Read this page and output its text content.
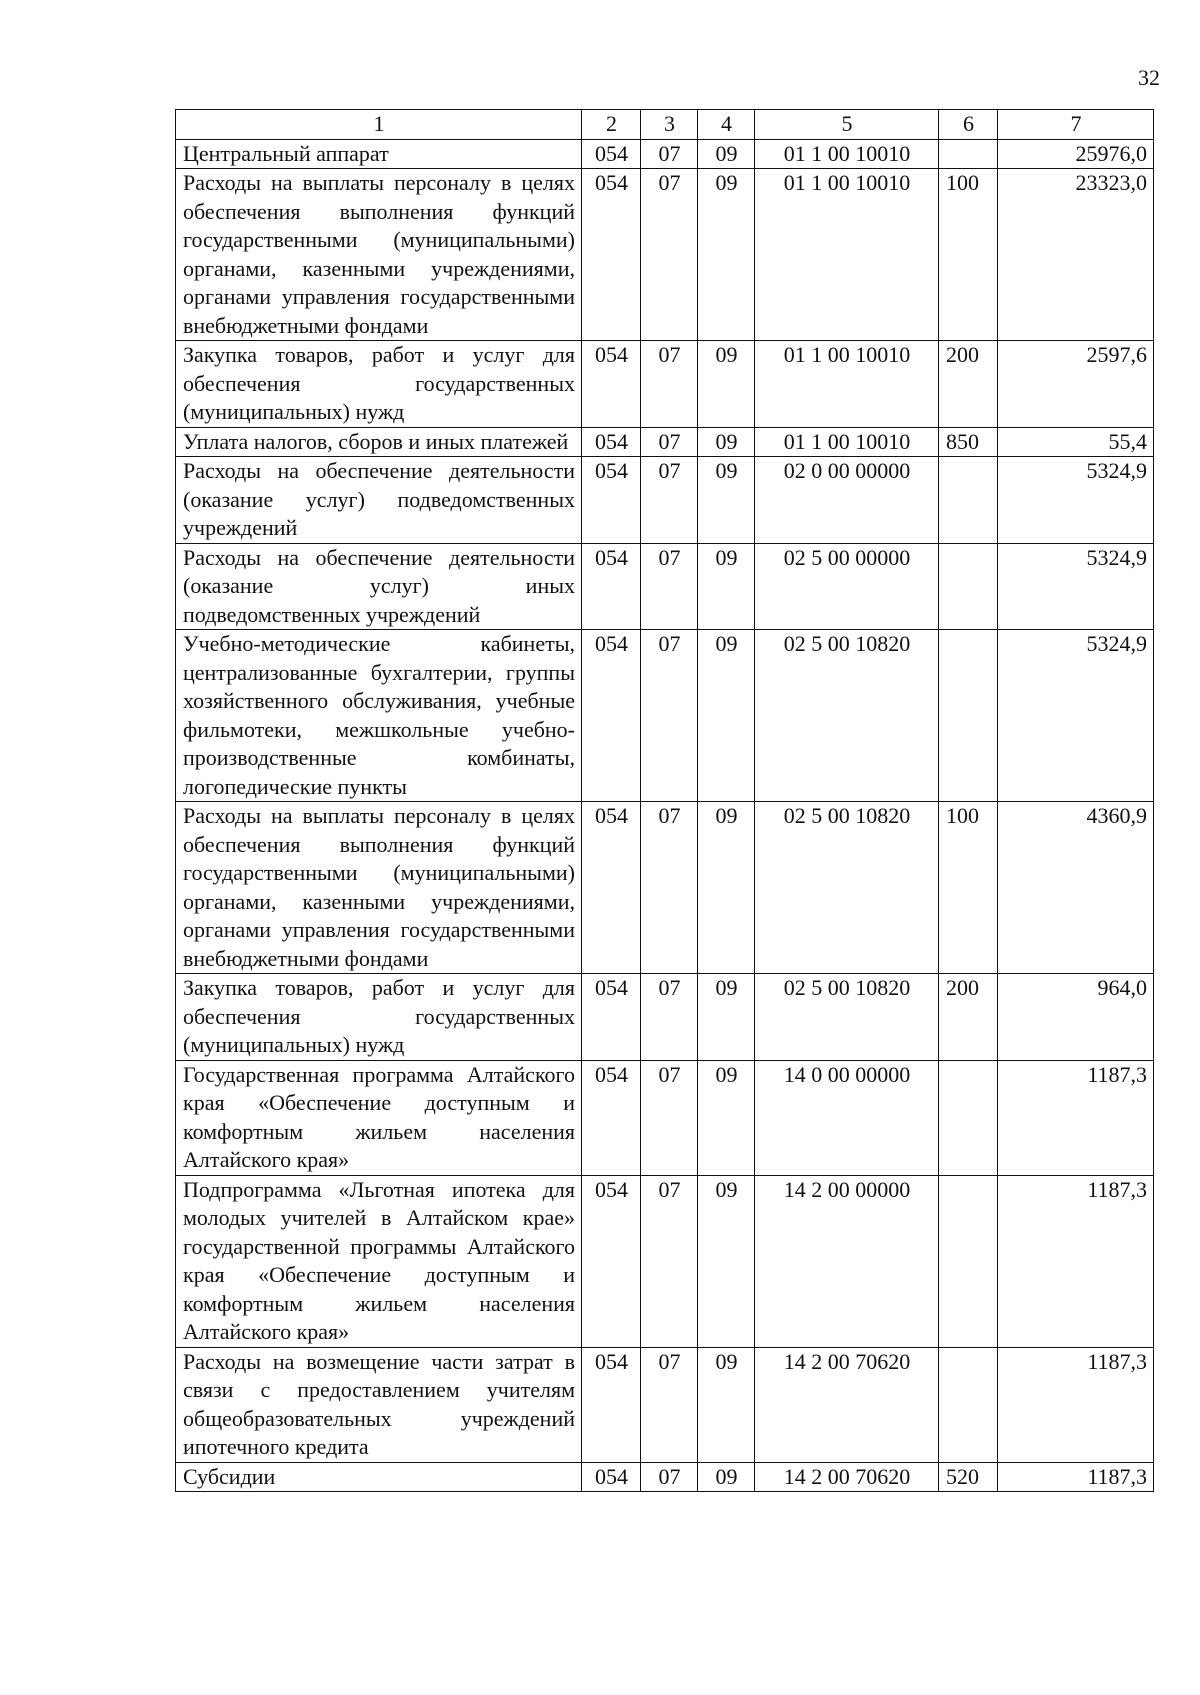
32
1	2	3	4	5	6	7
Центральный аппарат	054	07	09	01 1 00 10010		25976,0
Расходы на выплаты персоналу в целях обеспечения выполнения функций государственными (муниципальными) органами, казенными учреждениями, органами управления государственными внебюджетными фондами	054	07	09	01 1 00 10010	100	23323,0
Закупка товаров, работ и услуг для обеспечения государственных (муниципальных) нужд	054	07	09	01 1 00 10010	200	2597,6
Уплата налогов, сборов и иных платежей	054	07	09	01 1 00 10010	850	55,4
Расходы на обеспечение деятельности (оказание услуг) подведомственных учреждений	054	07	09	02 0 00 00000		5324,9
Расходы на обеспечение деятельности (оказание услуг) иных подведомственных учреждений	054	07	09	02 5 00 00000		5324,9
Учебно-методические кабинеты, централизованные бухгалтерии, группы хозяйственного обслуживания, учебные фильмотеки, межшкольные учебно-производственные комбинаты, логопедические пункты	054	07	09	02 5 00 10820		5324,9
Расходы на выплаты персоналу в целях обеспечения выполнения функций государственными (муниципальными) органами, казенными учреждениями, органами управления государственными внебюджетными фондами	054	07	09	02 5 00 10820	100	4360,9
Закупка товаров, работ и услуг для обеспечения государственных (муниципальных) нужд	054	07	09	02 5 00 10820	200	964,0
Государственная программа Алтайского края «Обеспечение доступным и комфортным жильем населения Алтайского края»	054	07	09	14 0 00 00000		1187,3
Подпрограмма «Льготная ипотека для молодых учителей в Алтайском крае» государственной программы Алтайского края «Обеспечение доступным и комфортным жильем населения Алтайского края»	054	07	09	14 2 00 00000		1187,3
Расходы на возмещение части затрат в связи с предоставлением учителям общеобразовательных учреждений ипотечного кредита	054	07	09	14 2 00 70620		1187,3
Субсидии	054	07	09	14 2 00 70620	520	1187,3
